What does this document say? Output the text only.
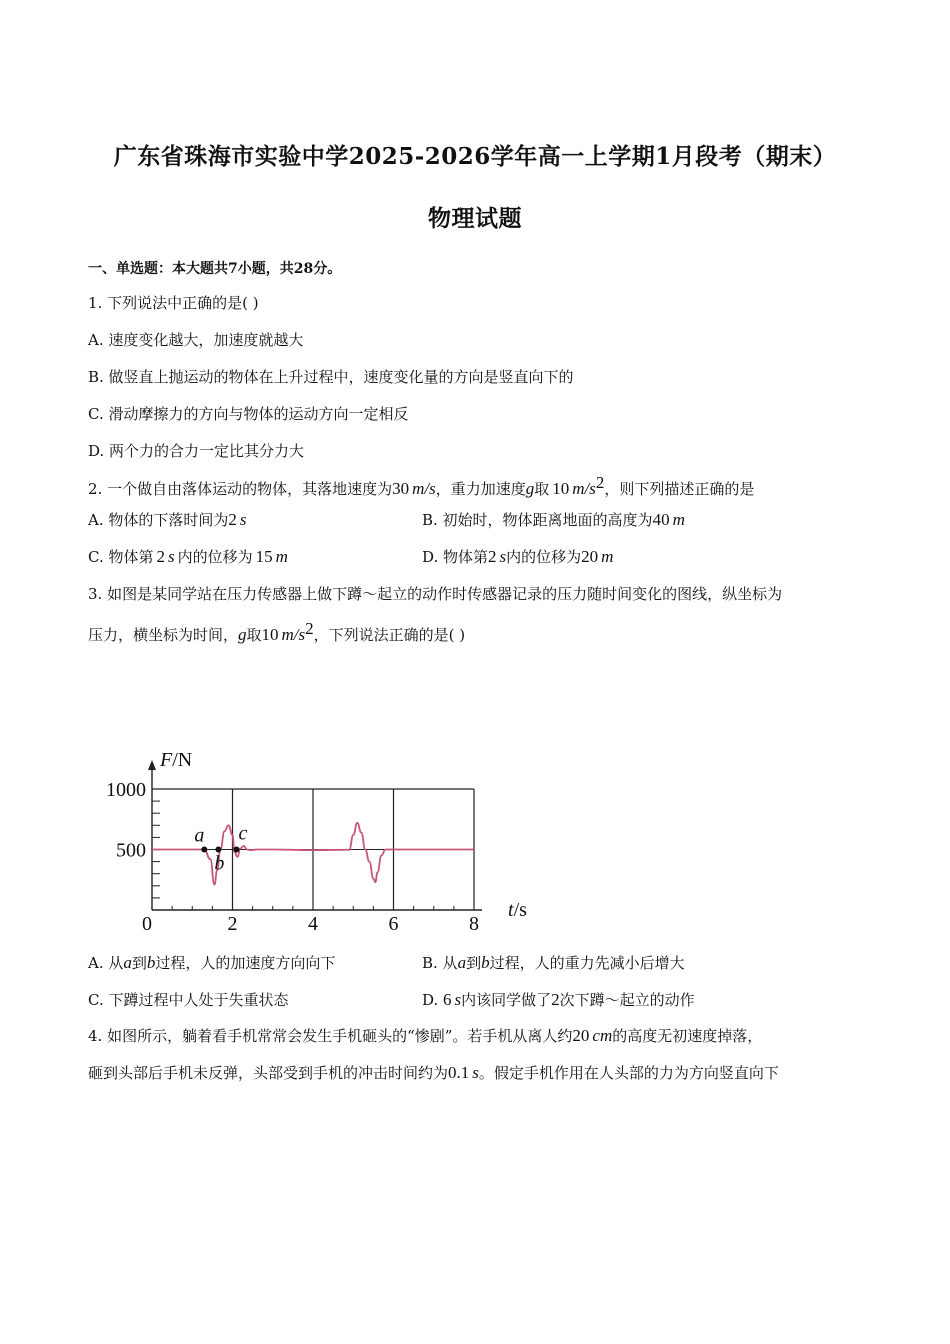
广东省珠海市实验中学2025-2026学年高一上学期1月段考（期末）
物理试题
一、单选题：本大题共7小题，共28分。
1. 下列说法中正确的是( )
A. 速度变化越大，加速度就越大
B. 做竖直上抛运动的物体在上升过程中，速度变化量的方向是竖直向下的
C. 滑动摩擦力的方向与物体的运动方向一定相反
D. 两个力的合力一定比其分力大
2. 一个做自由落体运动的物体，其落地速度为30  m/s，重力加速度g取  10  $m/s^2$，则下列描述正确的是
A. 物体的下落时间为2  s	B. 初始时，物体距离地面的高度为40  m
C. 物体第  2  s  内的位移为  15  m	D. 物体第2  s内的位移为20  m
3. 如图是某同学站在压力传感器上做下蹲～起立的动作时传感器记录的压力随时间变化的图线，纵坐标为
压力，横坐标为时间，g取10  $m/s^2$，下列说法正确的是( )
1000
500
0	2	4	6	8
a
b
c
F/N
t/s
A. 从a到b过程，人的加速度方向向下	B. 从a到b过程，人的重力先减小后增大
C. 下蹲过程中人处于失重状态	D. 6  s内该同学做了2次下蹲～起立的动作
4. 如图所示，躺着看手机常常会发生手机砸头的“惨剧”。若手机从离人约20  cm的高度无初速度掉落，
砸到头部后手机未反弹，头部受到手机的冲击时间约为0.1  s。假定手机作用在人头部的力为方向竖直向下
